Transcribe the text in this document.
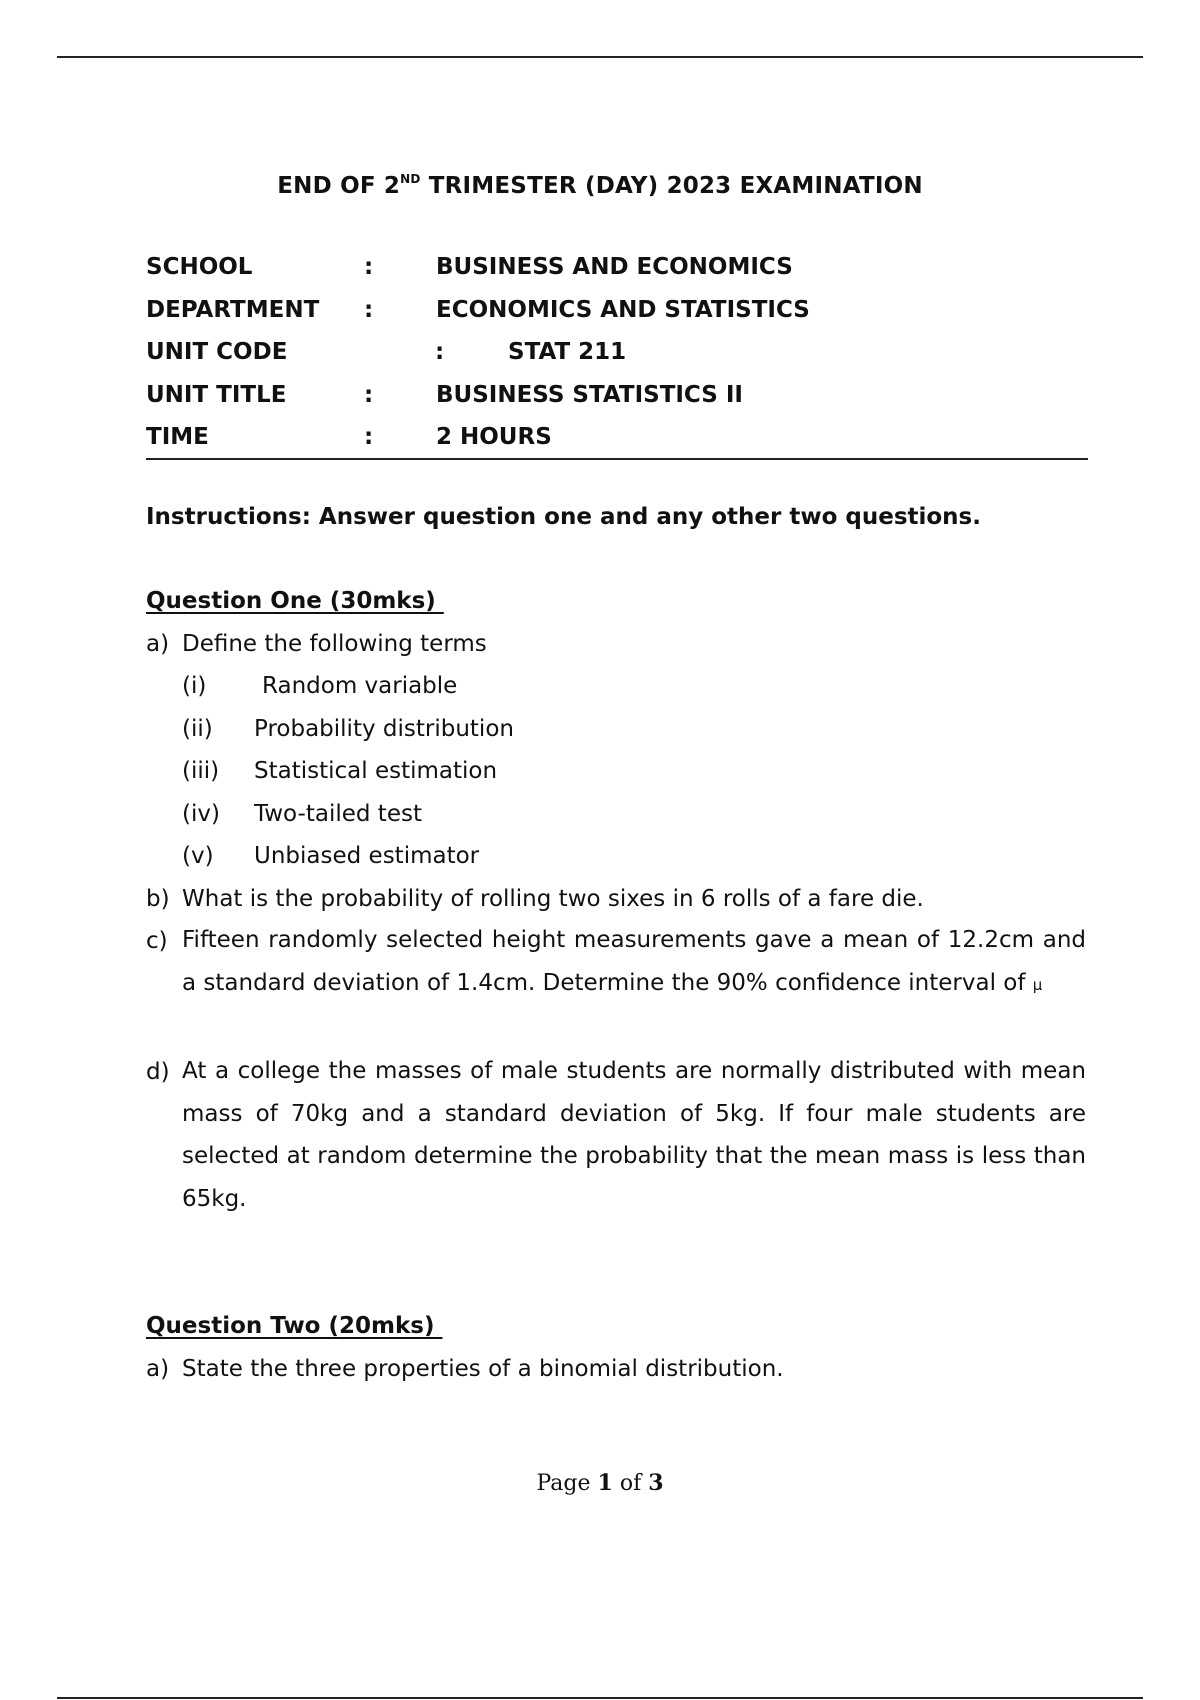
END OF 2ND TRIMESTER (DAY) 2023 EXAMINATION
SCHOOL	:	BUSINESS AND ECONOMICS
DEPARTMENT :	ECONOMICS AND STATISTICS
UNIT CODE	:	STAT 211
UNIT TITLE	:	BUSINESS STATISTICS II
TIME	:	2 HOURS
Instructions: Answer question one and any other two questions.
Question One (30mks)
a) Define the following terms
(i) Random variable
(ii) Probability distribution
(iii) Statistical estimation
(iv) Two-tailed test
(v) Unbiased estimator
b) What is the probability of rolling two sixes in 6 rolls of a fare die.
c) Fifteen randomly selected height measurements gave a mean of 12.2cm and a standard deviation of 1.4cm. Determine the 90% confidence interval of μ
d) At a college the masses of male students are normally distributed with mean mass of 70kg and a standard deviation of 5kg. If four male students are selected at random determine the probability that the mean mass is less than 65kg.
Question Two (20mks)
a) State the three properties of a binomial distribution.
Page 1 of 3
